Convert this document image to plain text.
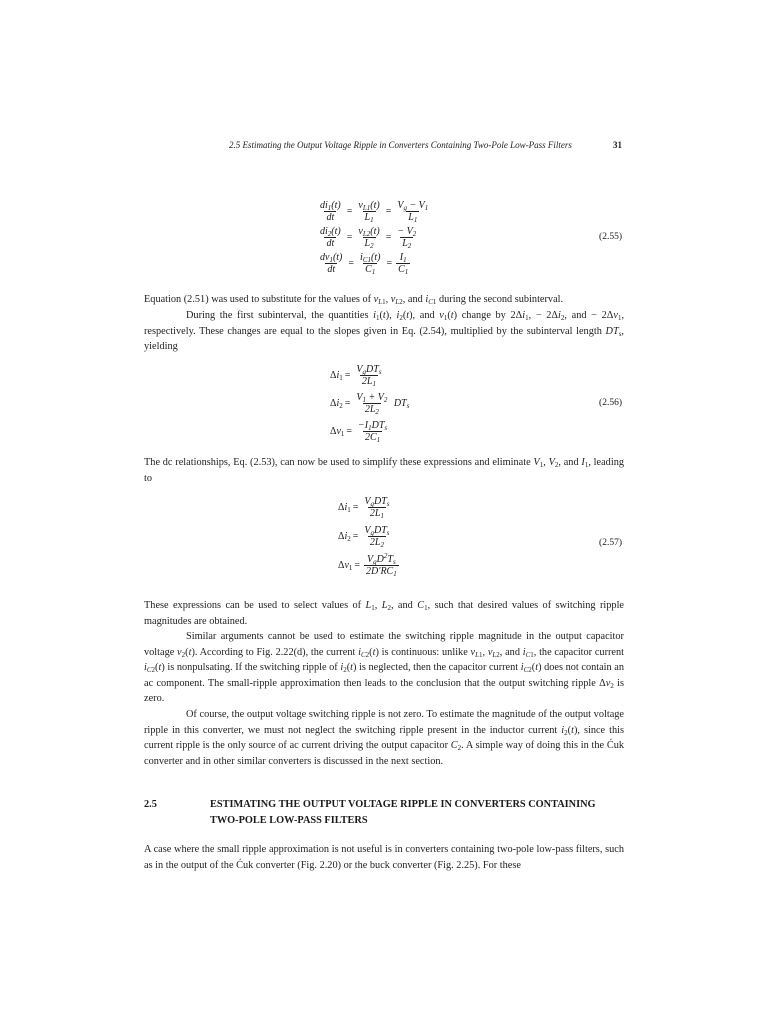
2.5 Estimating the Output Voltage Ripple in Converters Containing Two-Pole Low-Pass Filters	31
$\frac{di_1(t)}{dt} = \frac{v_{L1}(t)}{L_1} = \frac{V_g - V_1}{L_1}$
$\frac{di_2(t)}{dt} = \frac{v_{L2}(t)}{L_2} = \frac{- V_2}{L_2}$
$\frac{dv_1(t)}{dt} = \frac{i_{C1}(t)}{C_1} = \frac{I_1}{C_1}$
(2.55)
Equation (2.51) was used to substitute for the values of $v_{L1}$, $v_{L2}$, and $i_{C1}$ during the second subinterval.
During the first subinterval, the quantities $i_1(t)$, $i_2(t)$, and $v_1(t)$ change by $2\Delta i_1$, − $2\Delta i_2$, and − $2\Delta v_1$, respectively. These changes are equal to the slopes given in Eq. (2.54), multiplied by the subinterval length $DT_s$, yielding
$\Delta i_1 = \frac{V_gDT_s}{2L_1}$
$\Delta i_2 = \frac{V_1 + V_2}{2L_2} DT_s$
$\Delta v_1 = \frac{-I_1DT_s}{2C_1}$
(2.56)
The dc relationships, Eq. (2.53), can now be used to simplify these expressions and eliminate $V_1$, $V_2$, and $I_1$, leading to
$\Delta i_1 = \frac{V_gDT_s}{2L_1}$
$\Delta i_2 = \frac{V_gDT_s}{2L_2}$
$\Delta v_1 = \frac{V_gD^2T_s}{2D'RC_1}$
(2.57)
These expressions can be used to select values of $L_1$, $L_2$, and $C_1$, such that desired values of switching ripple magnitudes are obtained.
Similar arguments cannot be used to estimate the switching ripple magnitude in the output capacitor voltage $v_2(t)$. According to Fig. 2.22(d), the current $i_{C2}(t)$ is continuous: unlike $v_{L1}$, $v_{L2}$, and $i_{C1}$, the capacitor current $i_{C2}(t)$ is nonpulsating. If the switching ripple of $i_2(t)$ is neglected, then the capacitor current $i_{C2}(t)$ does not contain an ac component. The small-ripple approximation then leads to the conclusion that the output switching ripple $\Delta v_2$ is zero.
Of course, the output voltage switching ripple is not zero. To estimate the magnitude of the output voltage ripple in this converter, we must not neglect the switching ripple present in the inductor current $i_2(t)$, since this current ripple is the only source of ac current driving the output capacitor $C_2$. A simple way of doing this in the Ćuk converter and in other similar converters is discussed in the next section.
2.5	ESTIMATING THE OUTPUT VOLTAGE RIPPLE IN CONVERTERS CONTAINING TWO-POLE LOW-PASS FILTERS
A case where the small ripple approximation is not useful is in converters containing two-pole low-pass filters, such as in the output of the Ćuk converter (Fig. 2.20) or the buck converter (Fig. 2.25). For these
